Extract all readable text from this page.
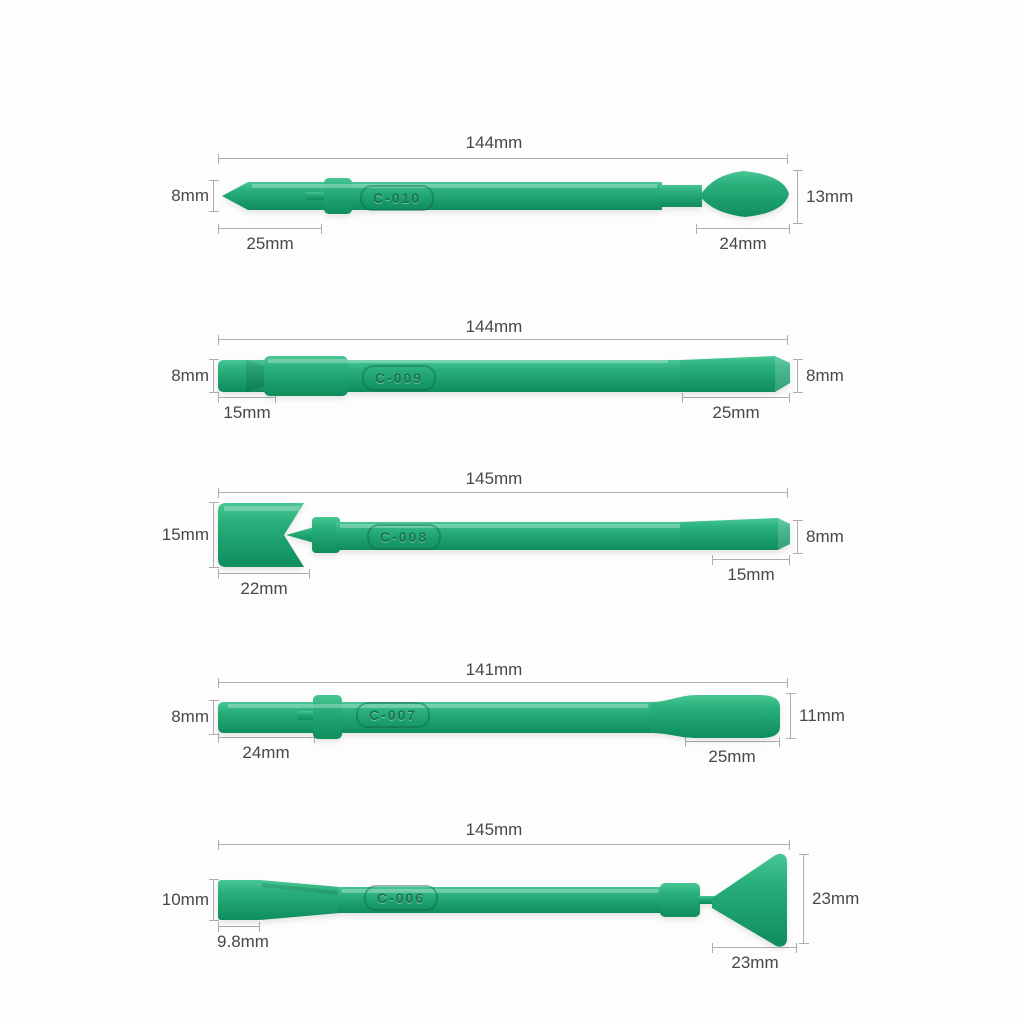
144mm
8mm	13mm
25mm	24mm
C-010
144mm
8mm	8mm
15mm	25mm
C-009
145mm
15mm	8mm
22mm
15mm
C-008
141mm
8mm	11mm
24mm	25mm
C-007
145mm
10mm	23mm
9.8mm
23mm
C-006
